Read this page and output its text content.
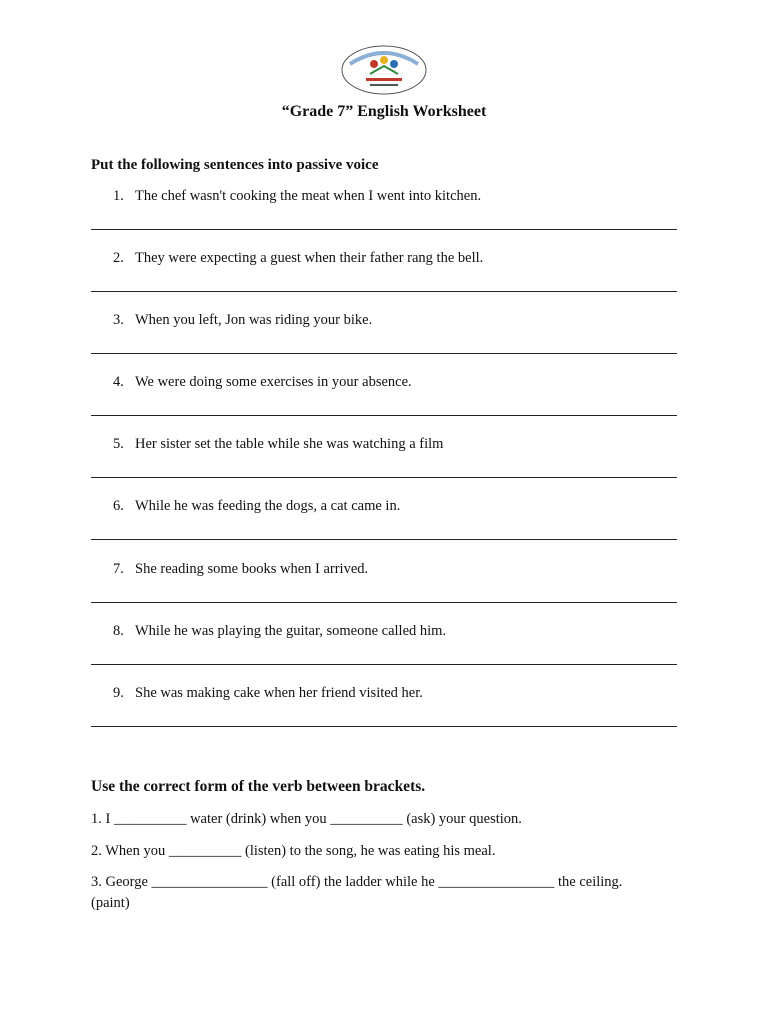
“Grade 7” English Worksheet
Put the following sentences into passive voice
1. The chef wasn't cooking the meat when I went into kitchen.
2. They were expecting a guest when their father rang the bell.
3. When you left, Jon was riding your bike.
4. We were doing some exercises in your absence.
5. Her sister set the table while she was watching a film
6. While he was feeding the dogs, a cat came in.
7. She reading some books when I arrived.
8. While he was playing the guitar, someone called him.
9. She was making cake when her friend visited her.
Use the correct form of the verb between brackets.
1. I __________ water (drink) when you __________ (ask) your question.
2. When you __________ (listen) to the song, he was eating his meal.
3. George ________________ (fall off) the ladder while he ________________ the ceiling. (paint)
